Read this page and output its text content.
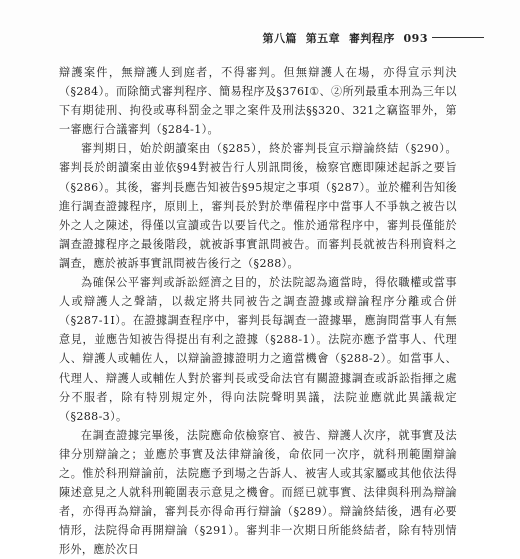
第八篇 第五章 審判程序 093

辯護案件，無辯護人到庭者，不得審判。但無辯護人在場，亦得宣示判決（§284）。而除簡式審判程序、簡易程序及§376Ⅰ①、②所列最重本刑為三年以下有期徒刑、拘役或專科罰金之罪之案件及刑法§§320、321之竊盜罪外，第一審應行合議審判（§284-1）。

審判期日，始於朗讀案由（§285），終於審判長宣示辯論終結（§290）。審判長於朗讀案由並依§94對被告行人別訊問後，檢察官應即陳述起訴之要旨（§286）。其後，審判長應告知被告§95規定之事項（§287）。並於權利告知後進行調查證據程序，原則上，審判長於對於準備程序中當事人不爭執之被告以外之人之陳述，得僅以宣讀或告以要旨代之。惟於通常程序中，審判長僅能於調查證據程序之最後階段，就被訴事實訊問被告。而審判長就被告科刑資料之調查，應於被訴事實訊問被告後行之（§288）。

為確保公平審判或訴訟經濟之目的，於法院認為適當時，得依職權或當事人或辯護人之聲請，以裁定將共同被告之調查證據或辯論程序分離或合併（§287-1Ⅰ）。在證據調查程序中，審判長每調查一證據畢，應詢問當事人有無意見，並應告知被告得提出有利之證據（§288-1）。法院亦應予當事人、代理人、辯護人或輔佐人，以辯論證據證明力之適當機會（§288-2）。如當事人、代理人、辯護人或輔佐人對於審判長或受命法官有關證據調查或訴訟指揮之處分不服者，除有特別規定外，得向法院聲明異議，法院並應就此異議裁定（§288-3）。

在調查證據完畢後，法院應命依檢察官、被告、辯護人次序，就事實及法律分別辯論之；並應於事實及法律辯論後，命依同一次序，就科刑範圍辯論之。惟於科刑辯論前，法院應予到場之告訴人、被害人或其家屬或其他依法得陳述意見之人就科刑範圍表示意見之機會。而經已就事實、法律與科刑為辯論者，亦得再為辯論，審判長亦得命再行辯論（§289）。辯論終結後，遇有必要情形，法院得命再開辯論（§291）。審判非一次期日所能終結者，除有特別情形外，應於次日
